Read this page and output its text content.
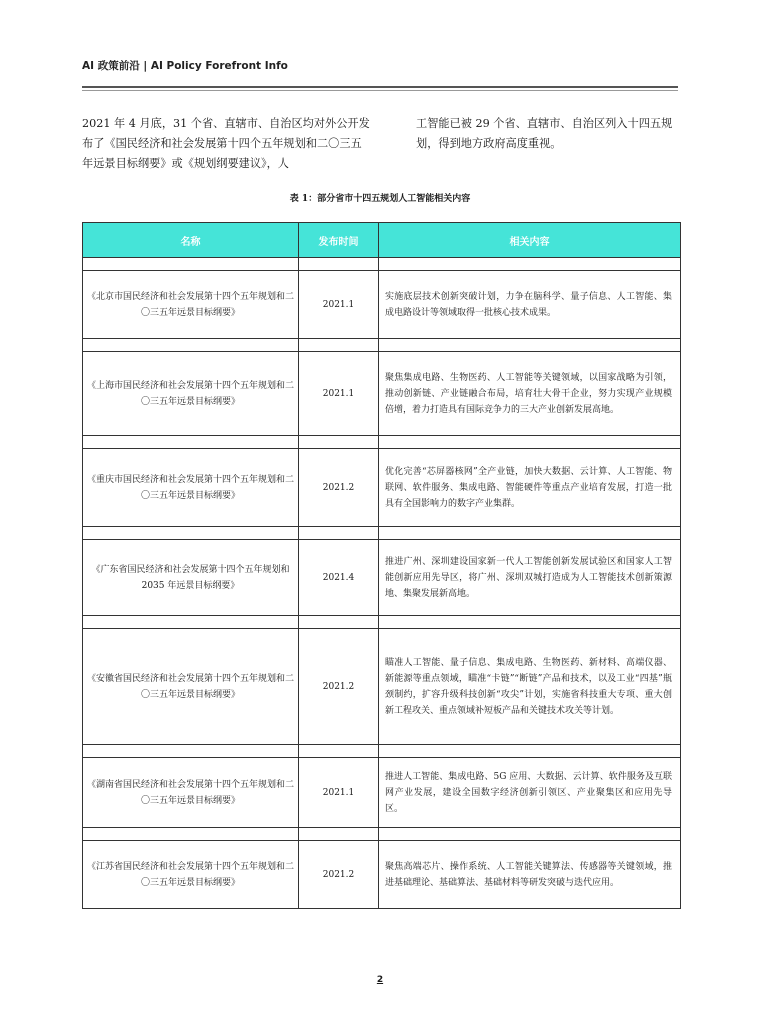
AI 政策前沿 | AI Policy Forefront Info

2021 年 4 月底，31 个省、直辖市、自治区均对外公开发布了《国民经济和社会发展第十四个五年规划和二〇三五年远景目标纲要》或《规划纲要建议》，人

工智能已被 29 个省、直辖市、自治区列入十四五规划，得到地方政府高度重视。

表 1：部分省市十四五规划人工智能相关内容
名称	发布时间	相关内容

《北京市国民经济和社会发展第十四个五年规划和二〇三五年远景目标纲要》	2021.1	实施底层技术创新突破计划，力争在脑科学、量子信息、人工智能、集成电路设计等领域取得一批核心技术成果。

《上海市国民经济和社会发展第十四个五年规划和二〇三五年远景目标纲要》	2021.1	聚焦集成电路、生物医药、人工智能等关键领域，以国家战略为引领，推动创新链、产业链融合布局，培育壮大骨干企业，努力实现产业规模倍增，着力打造具有国际竞争力的三大产业创新发展高地。

《重庆市国民经济和社会发展第十四个五年规划和二〇三五年远景目标纲要》	2021.2	优化完善“芯屏器核网”全产业链，加快大数据、云计算、人工智能、物联网、软件服务、集成电路、智能硬件等重点产业培育发展，打造一批具有全国影响力的数字产业集群。

《广东省国民经济和社会发展第十四个五年规划和 2035 年远景目标纲要》	2021.4	推进广州、深圳建设国家新一代人工智能创新发展试验区和国家人工智能创新应用先导区，将广州、深圳双城打造成为人工智能技术创新策源地、集聚发展新高地。

《安徽省国民经济和社会发展第十四个五年规划和二〇三五年远景目标纲要》	2021.2	瞄准人工智能、量子信息、集成电路、生物医药、新材料、高端仪器、新能源等重点领域，瞄准“卡链”“断链”产品和技术，以及工业“四基”瓶颈制约，扩容升级科技创新“攻尖”计划，实施省科技重大专项、重大创新工程攻关、重点领域补短板产品和关键技术攻关等计划。

《湖南省国民经济和社会发展第十四个五年规划和二〇三五年远景目标纲要》	2021.1	推进人工智能、集成电路、5G 应用、大数据、云计算、软件服务及互联网产业发展，建设全国数字经济创新引领区、产业聚集区和应用先导区。

《江苏省国民经济和社会发展第十四个五年规划和二〇三五年远景目标纲要》	2021.2	聚焦高端芯片、操作系统、人工智能关键算法、传感器等关键领域，推进基础理论、基础算法、基础材料等研发突破与迭代应用。
2
